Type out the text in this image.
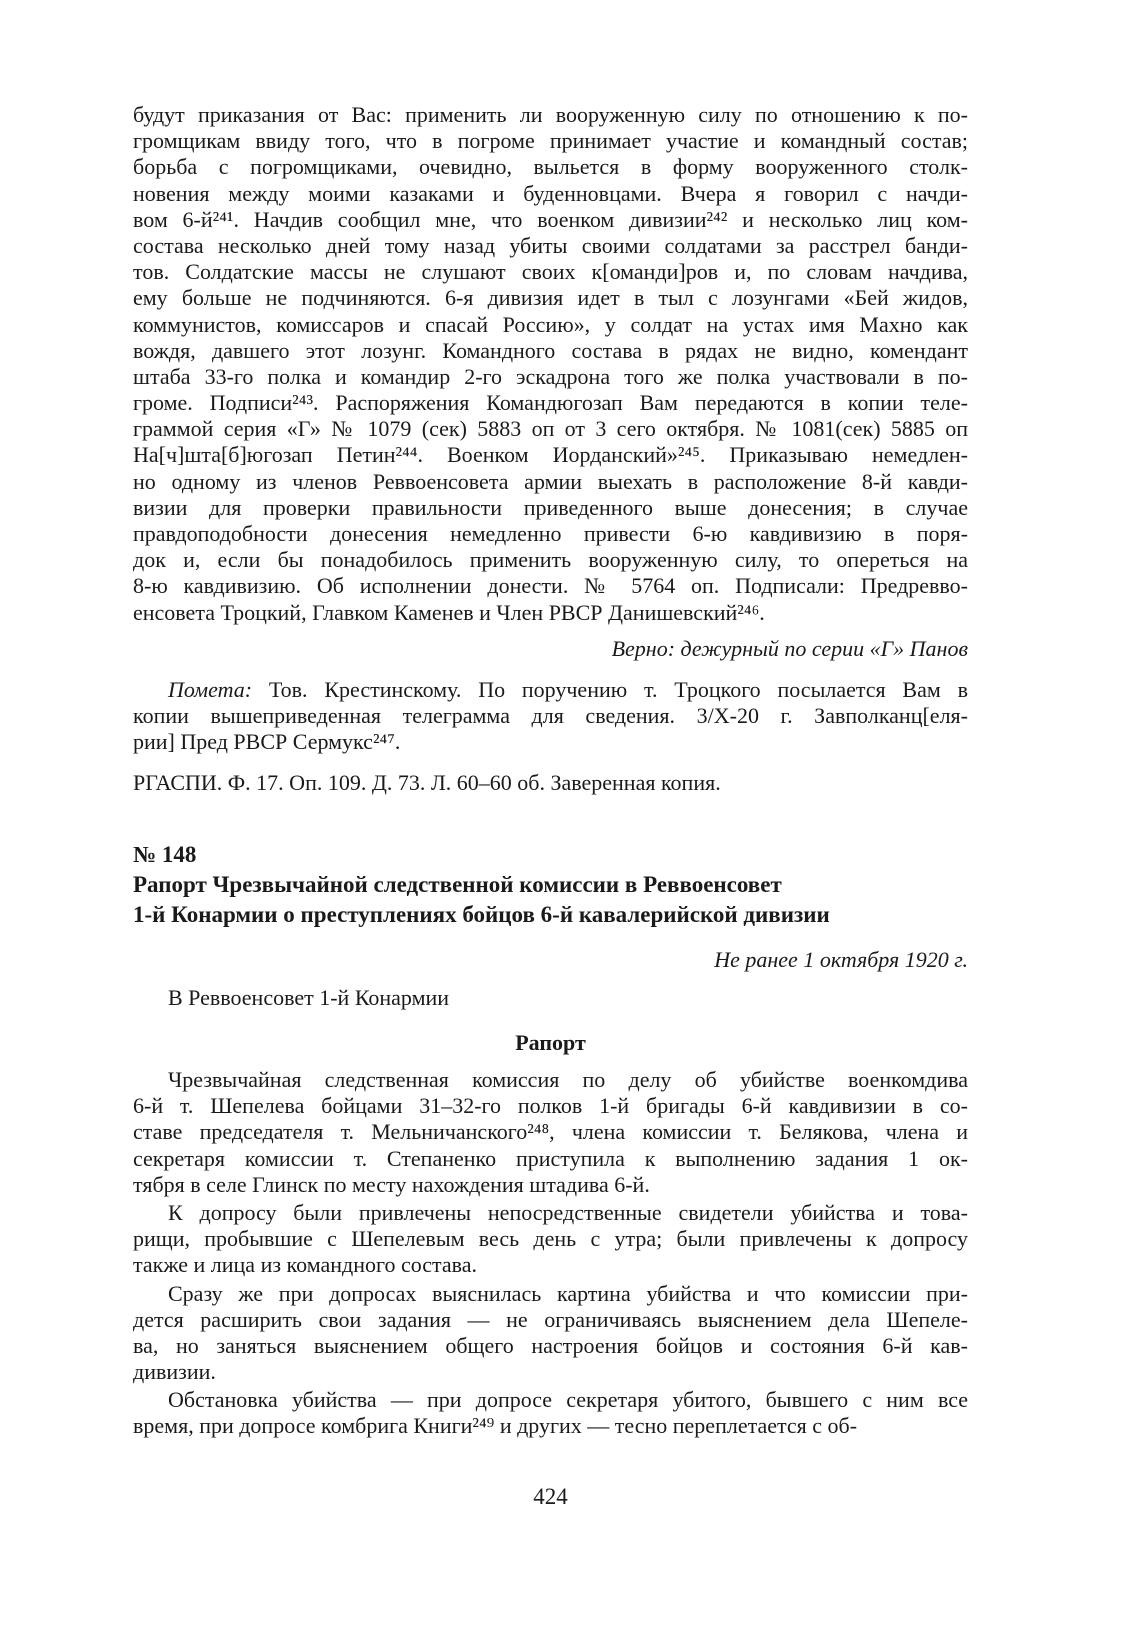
будут приказания от Вас: применить ли вооруженную силу по отношению к по-
громщикам ввиду того, что в погроме принимает участие и командный состав;
борьба с погромщиками, очевидно, выльется в форму вооруженного столк-
новения между моими казаками и буденновцами. Вчера я говорил с начди-
вом 6-й²⁴¹. Начдив сообщил мне, что военком дивизии²⁴² и несколько лиц ком-
состава несколько дней тому назад убиты своими солдатами за расстрел банди-
тов. Солдатские массы не слушают своих к[оманди]ров и, по словам начдива,
ему больше не подчиняются. 6-я дивизия идет в тыл с лозунгами «Бей жидов,
коммунистов, комиссаров и спасай Россию», у солдат на устах имя Махно как
вождя, давшего этот лозунг. Командного состава в рядах не видно, комендант
штаба 33-го полка и командир 2-го эскадрона того же полка участвовали в по-
громе. Подписи²⁴³. Распоряжения Командюгозап Вам передаются в копии теле-
граммой серия «Г» № 1079 (сек) 5883 оп от 3 сего октября. № 1081(сек) 5885 оп
На[ч]шта[б]югозап Петин²⁴⁴. Военком Иорданский»²⁴⁵. Приказываю немедлен-
но одному из членов Реввоенсовета армии выехать в расположение 8-й кавди-
визии для проверки правильности приведенного выше донесения; в случае
правдоподобности донесения немедленно привести 6-ю кавдивизию в поря-
док и, если бы понадобилось применить вооруженную силу, то опереться на
8-ю кавдивизию. Об исполнении донести. № 5764 оп. Подписали: Предревво-
енсовета Троцкий, Главком Каменев и Член РВСР Данишевский²⁴⁶.
Верно: дежурный по серии «Г» Панов
Помета: Тов. Крестинскому. По поручению т. Троцкого посылается Вам в
копии вышеприведенная телеграмма для сведения. 3/X-20 г. Завполканц[еля-
рии] Пред РВСР Сермукс²⁴⁷.
РГАСПИ. Ф. 17. Оп. 109. Д. 73. Л. 60–60 об. Заверенная копия.
№ 148
Рапорт Чрезвычайной следственной комиссии в Реввоенсовет
1-й Конармии о преступлениях бойцов 6-й кавалерийской дивизии
Не ранее 1 октября 1920 г.
В Реввоенсовет 1-й Конармии
Рапорт
Чрезвычайная следственная комиссия по делу об убийстве военкомдива
6-й т. Шепелева бойцами 31–32-го полков 1-й бригады 6-й кавдивизии в со-
ставе председателя т. Мельничанского²⁴⁸, члена комиссии т. Белякова, члена и
секретаря комиссии т. Степаненко приступила к выполнению задания 1 ок-
тября в селе Глинск по месту нахождения штадива 6-й.
К допросу были привлечены непосредственные свидетели убийства и това-
рищи, пробывшие с Шепелевым весь день с утра; были привлечены к допросу
также и лица из командного состава.
Сразу же при допросах выяснилась картина убийства и что комиссии при-
дется расширить свои задания — не ограничиваясь выяснением дела Шепеле-
ва, но заняться выяснением общего настроения бойцов и состояния 6-й кав-
дивизии.
Обстановка убийства — при допросе секретаря убитого, бывшего с ним все
время, при допросе комбрига Книги²⁴⁹ и других — тесно переплетается с об-
424
